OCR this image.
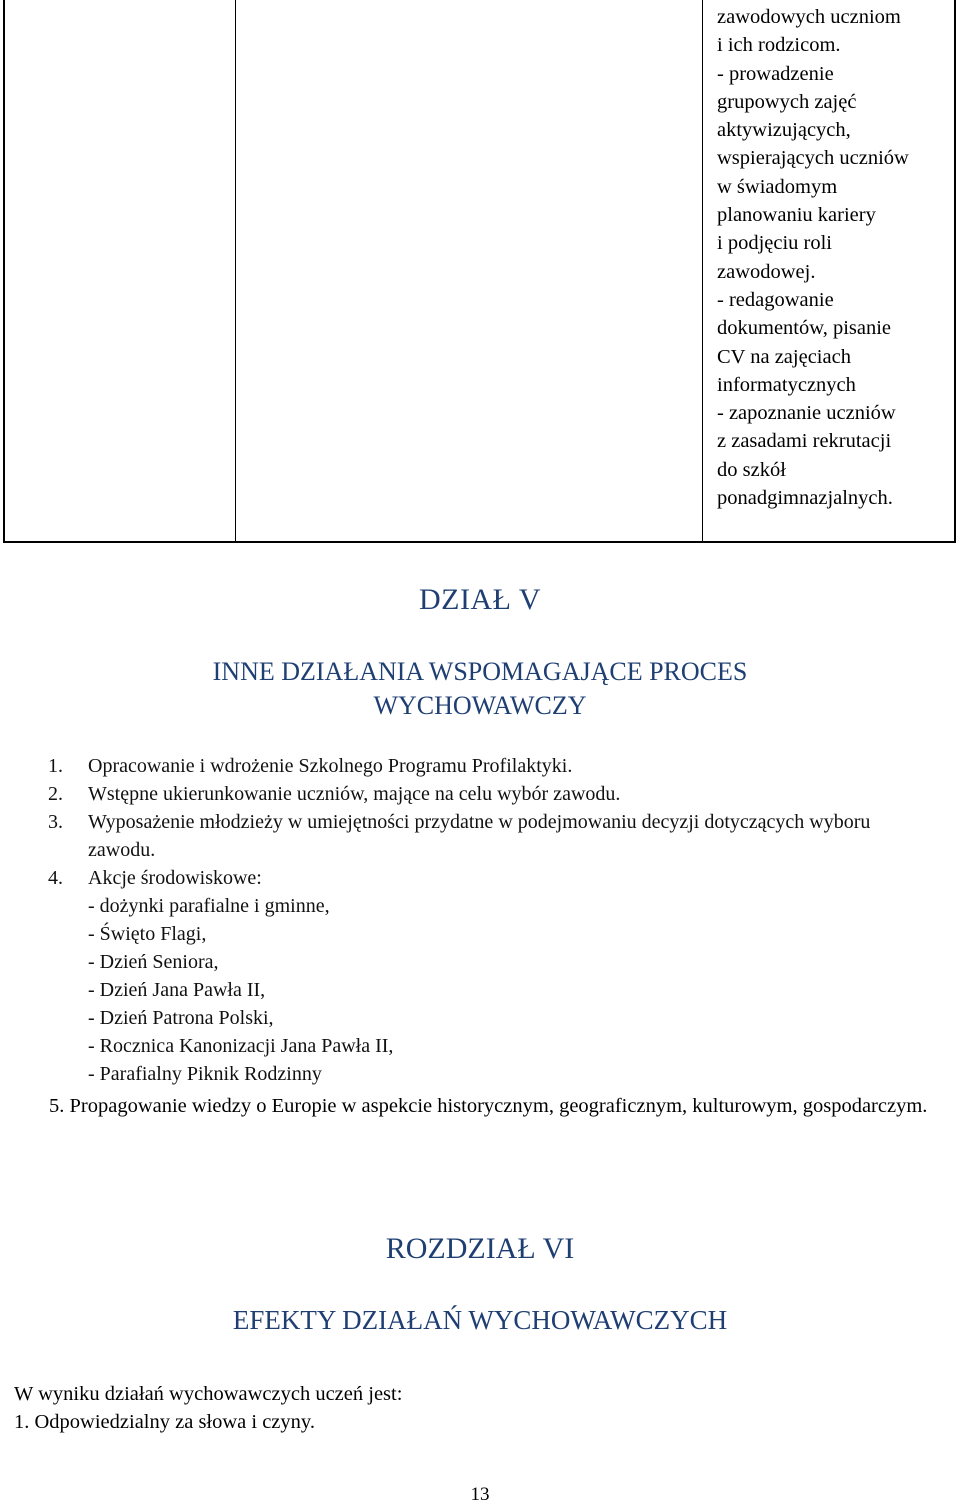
zawodowych uczniom
i ich rodzicom.
- prowadzenie
grupowych zajęć
aktywizujących,
wspierających uczniów
w świadomym
planowaniu kariery
i podjęciu roli
zawodowej.
- redagowanie
dokumentów, pisanie
CV na zajęciach
informatycznych
- zapoznanie uczniów
z zasadami rekrutacji
do szkół
ponadgimnazjalnych.
DZIAŁ V
INNE DZIAŁANIA WSPOMAGAJĄCE PROCES WYCHOWAWCZY
1. Opracowanie i wdrożenie Szkolnego Programu Profilaktyki.
2. Wstępne ukierunkowanie uczniów, mające na celu wybór zawodu.
3. Wyposażenie młodzieży w umiejętności przydatne w podejmowaniu decyzji dotyczących wyboru zawodu.
4. Akcje środowiskowe:
- dożynki parafialne i gminne,
- Święto Flagi,
- Dzień Seniora,
- Dzień Jana Pawła II,
- Dzień Patrona Polski,
- Rocznica Kanonizacji Jana Pawła II,
- Parafialny Piknik Rodzinny

5. Propagowanie wiedzy o Europie w aspekcie historycznym, geograficznym, kulturowym, gospodarczym.

ROZDZIAŁ VI
EFEKTY DZIAŁAŃ WYCHOWAWCZYCH

W wyniku działań wychowawczych uczeń jest:

1. Odpowiedzialny za słowa i czyny.

13
